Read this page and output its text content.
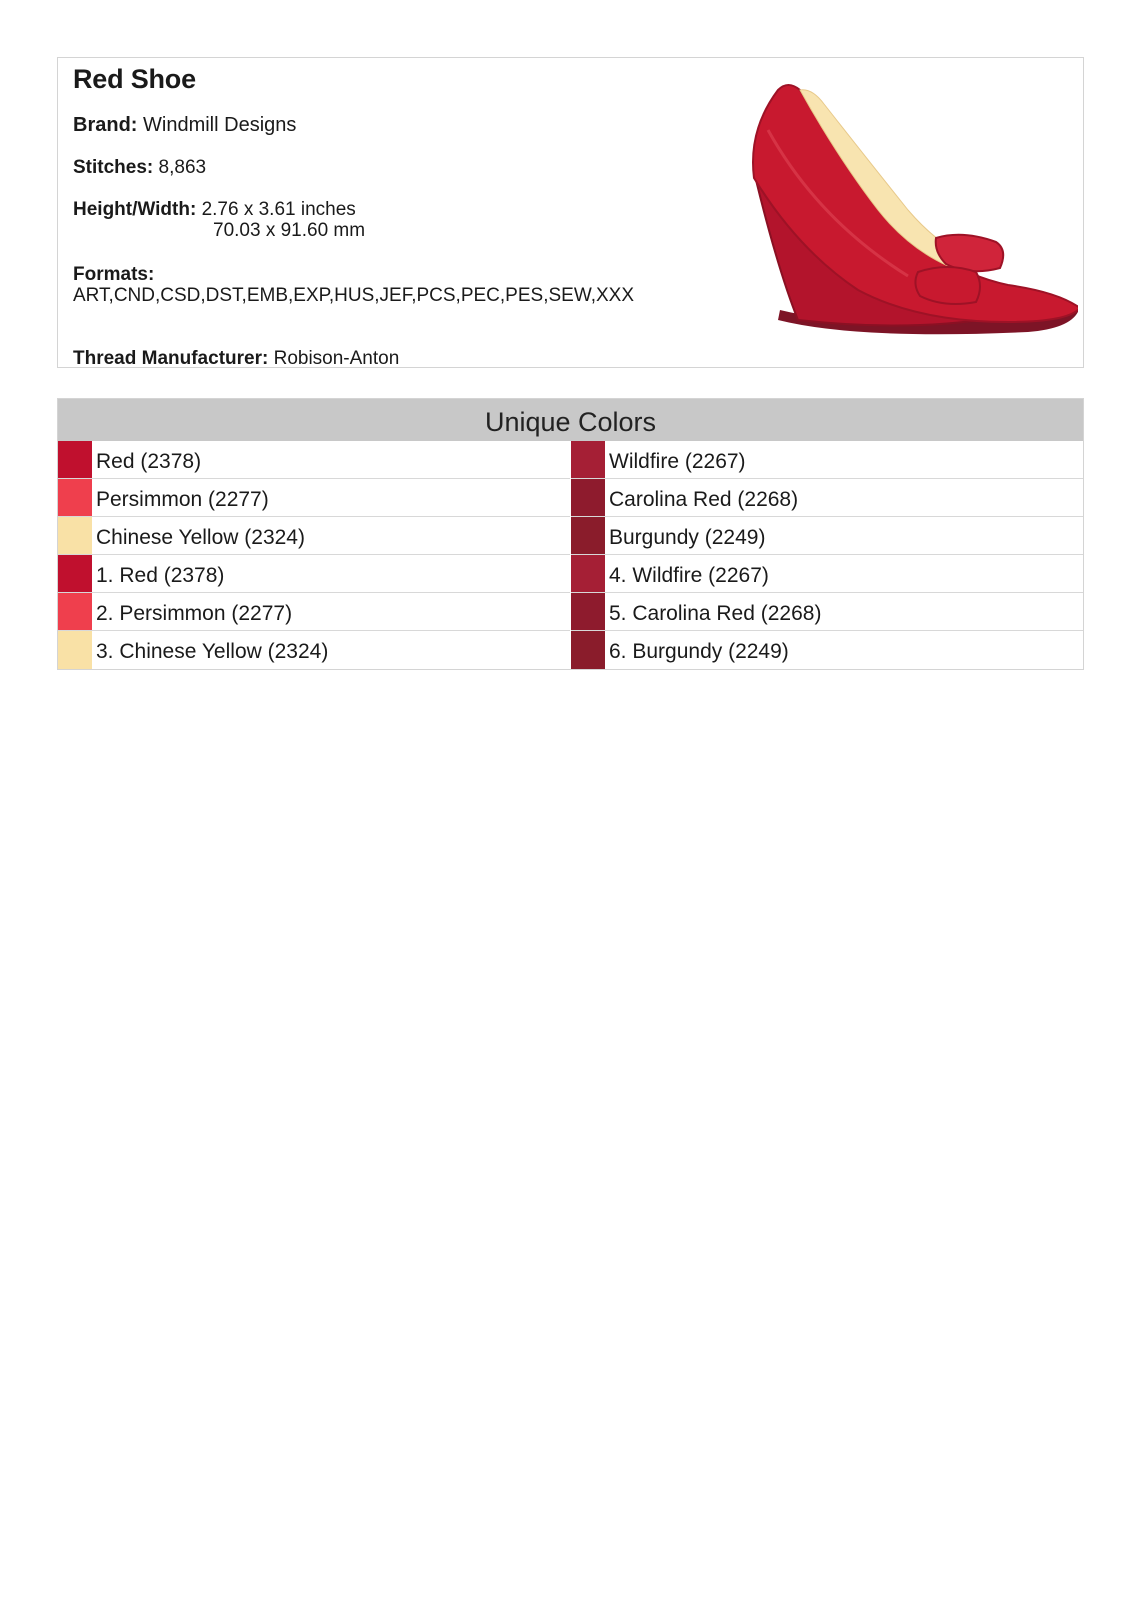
Red Shoe
Brand: Windmill Designs
Stitches: 8,863
Height/Width: 2.76 x 3.61 inches
70.03 x 91.60 mm
Formats:
ART,CND,CSD,DST,EMB,EXP,HUS,JEF,PCS,PEC,PES,SEW,XXX
Thread Manufacturer: Robison-Anton
Unique Colors
Red (2378)
Persimmon (2277)
Chinese Yellow (2324)
1. Red (2378)
2. Persimmon (2277)
3. Chinese Yellow (2324)
Wildfire (2267)
Carolina Red (2268)
Burgundy (2249)
4. Wildfire (2267)
5. Carolina Red (2268)
6. Burgundy (2249)
